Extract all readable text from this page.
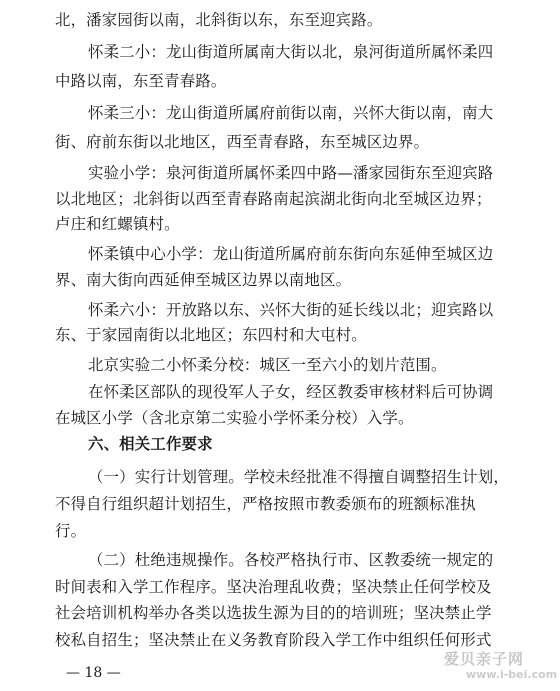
北，潘家园街以南，北斜街以东，东至迎宾路。
怀柔二小：龙山街道所属南大街以北，泉河街道所属怀柔四
中路以南，东至青春路。
怀柔三小：龙山街道所属府前街以南，兴怀大街以南，南大
街、府前东街以北地区，西至青春路，东至城区边界。
实验小学：泉河街道所属怀柔四中路—潘家园街东至迎宾路
以北地区；北斜街以西至青春路南起滨湖北街向北至城区边界；
卢庄和红螺镇村。
怀柔镇中心小学：龙山街道所属府前东街向东延伸至城区边
界、南大街向西延伸至城区边界以南地区。
怀柔六小：开放路以东、兴怀大街的延长线以北；迎宾路以
东、于家园南街以北地区；东四村和大屯村。
北京实验二小怀柔分校：城区一至六小的划片范围。
在怀柔区部队的现役军人子女，经区教委审核材料后可协调
在城区小学（含北京第二实验小学怀柔分校）入学。
六、相关工作要求
（一）实行计划管理。学校未经批准不得擅自调整招生计划，
不得自行组织超计划招生，严格按照市教委颁布的班额标准执
行。
（二）杜绝违规操作。各校严格执行市、区教委统一规定的
时间表和入学工作程序。坚决治理乱收费；坚决禁止任何学校及
社会培训机构举办各类以选拔生源为目的的培训班；坚决禁止学
校私自招生；坚决禁止在义务教育阶段入学工作中组织任何形式
— 18 —
爱贝亲子网
www.i-bei.com
